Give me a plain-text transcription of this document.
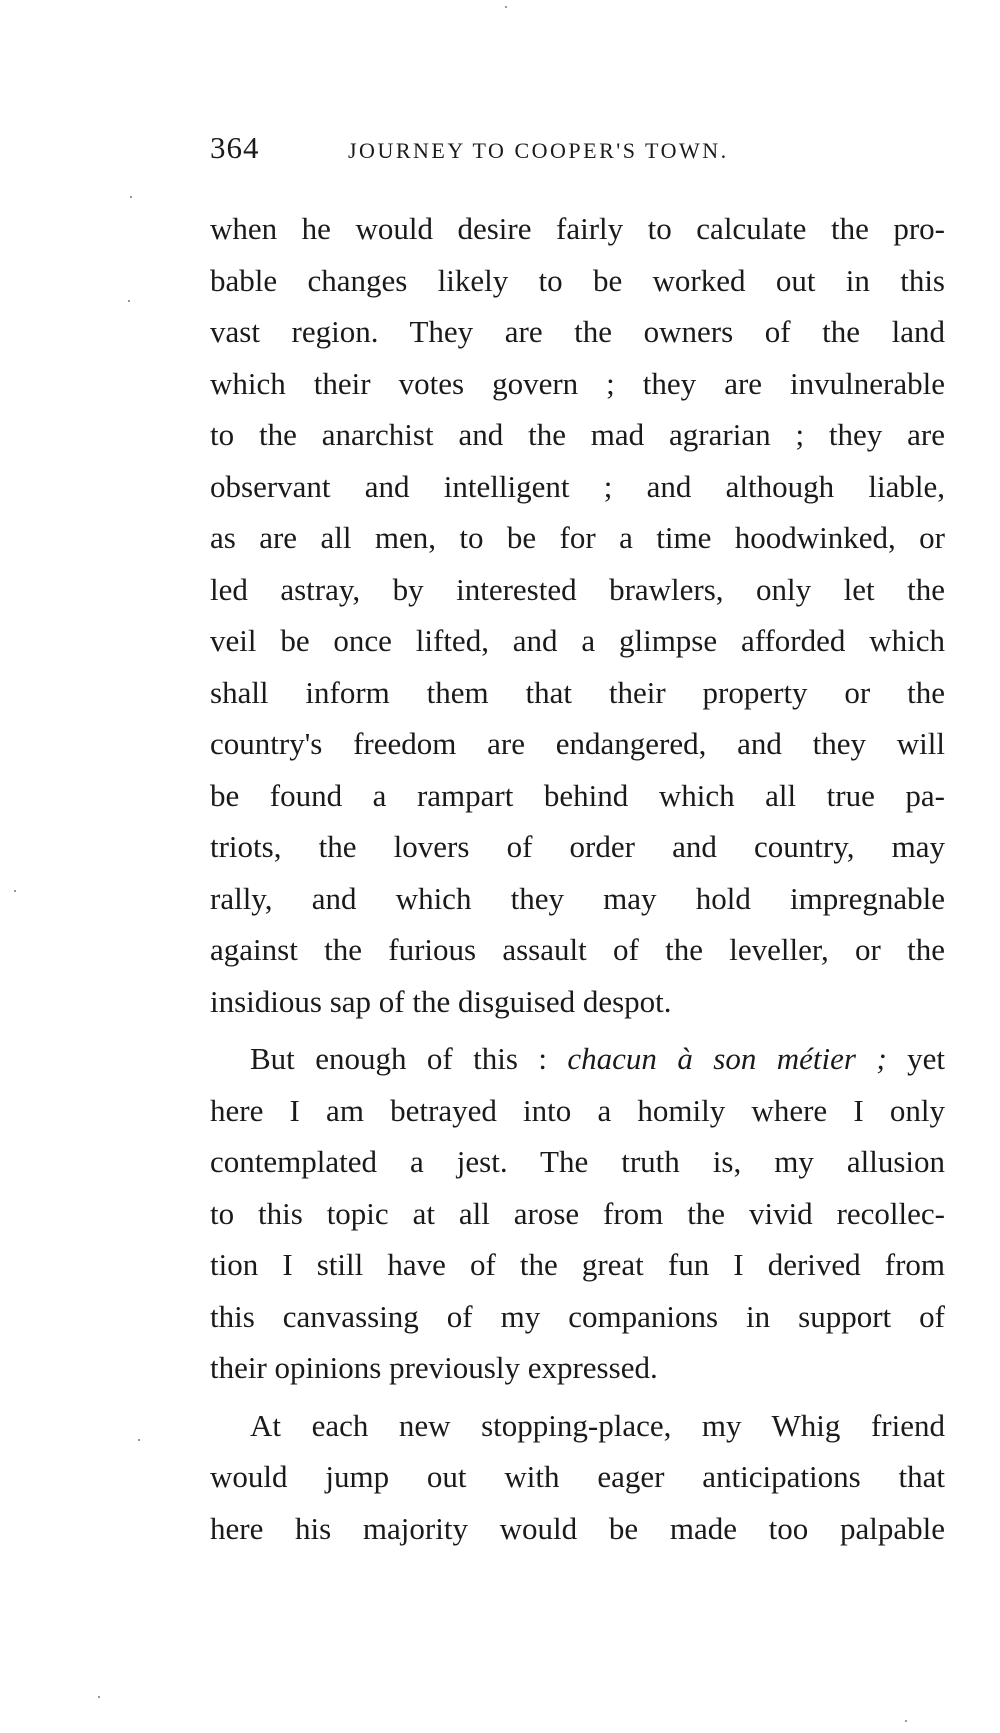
364	JOURNEY TO COOPER'S TOWN.
when he would desire fairly to calculate the pro-
bable changes likely to be worked out in this
vast region. They are the owners of the land
which their votes govern ; they are invulnerable
to the anarchist and the mad agrarian ; they are
observant and intelligent ; and although liable,
as are all men, to be for a time hoodwinked, or
led astray, by interested brawlers, only let the
veil be once lifted, and a glimpse afforded which
shall inform them that their property or the
country's freedom are endangered, and they will
be found a rampart behind which all true pa-
triots, the lovers of order and country, may
rally, and which they may hold impregnable
against the furious assault of the leveller, or the
insidious sap of the disguised despot.
But enough of this : chacun à son métier ; yet
here I am betrayed into a homily where I only
contemplated a jest. The truth is, my allusion
to this topic at all arose from the vivid recollec-
tion I still have of the great fun I derived from
this canvassing of my companions in support of
their opinions previously expressed.
At each new stopping-place, my Whig friend
would jump out with eager anticipations that
here his majority would be made too palpable
